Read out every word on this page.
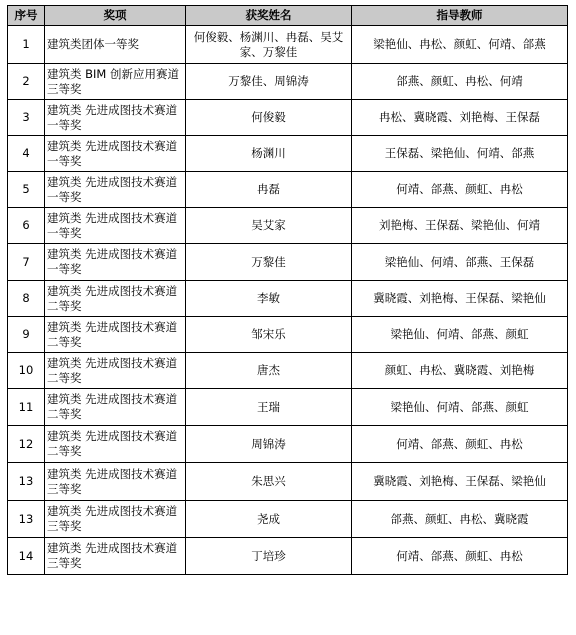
序号	奖项	获奖姓名	指导教师
1	建筑类团体一等奖	何俊毅、杨渊川、冉磊、吴艾家、万黎佳	梁艳仙、冉松、颜虹、何靖、郃燕
2	建筑类 BIM 创新应用赛道 三等奖	万黎佳、周锦涛	郃燕、颜虹、冉松、何靖
3	建筑类 先进成图技术赛道 一等奖	何俊毅	冉松、冀晓霞、刘艳梅、王保磊
4	建筑类 先进成图技术赛道 一等奖	杨渊川	王保磊、梁艳仙、何靖、郃燕
5	建筑类 先进成图技术赛道 一等奖	冉磊	何靖、郃燕、颜虹、冉松
6	建筑类 先进成图技术赛道 一等奖	吴艾家	刘艳梅、王保磊、梁艳仙、何靖
7	建筑类 先进成图技术赛道 一等奖	万黎佳	梁艳仙、何靖、郃燕、王保磊
8	建筑类 先进成图技术赛道 二等奖	李敏	冀晓霞、刘艳梅、王保磊、梁艳仙
9	建筑类 先进成图技术赛道 二等奖	邹宋乐	梁艳仙、何靖、郃燕、颜虹
10	建筑类 先进成图技术赛道 二等奖	唐杰	颜虹、冉松、冀晓霞、刘艳梅
11	建筑类 先进成图技术赛道 二等奖	王瑞	梁艳仙、何靖、郃燕、颜虹
12	建筑类 先进成图技术赛道 二等奖	周锦涛	何靖、郃燕、颜虹、冉松
13	建筑类 先进成图技术赛道 三等奖	朱思兴	冀晓霞、刘艳梅、王保磊、梁艳仙
13	建筑类 先进成图技术赛道 三等奖	尧成	郃燕、颜虹、冉松、冀晓霞
14	建筑类 先进成图技术赛道 三等奖	丁培珍	何靖、郃燕、颜虹、冉松
